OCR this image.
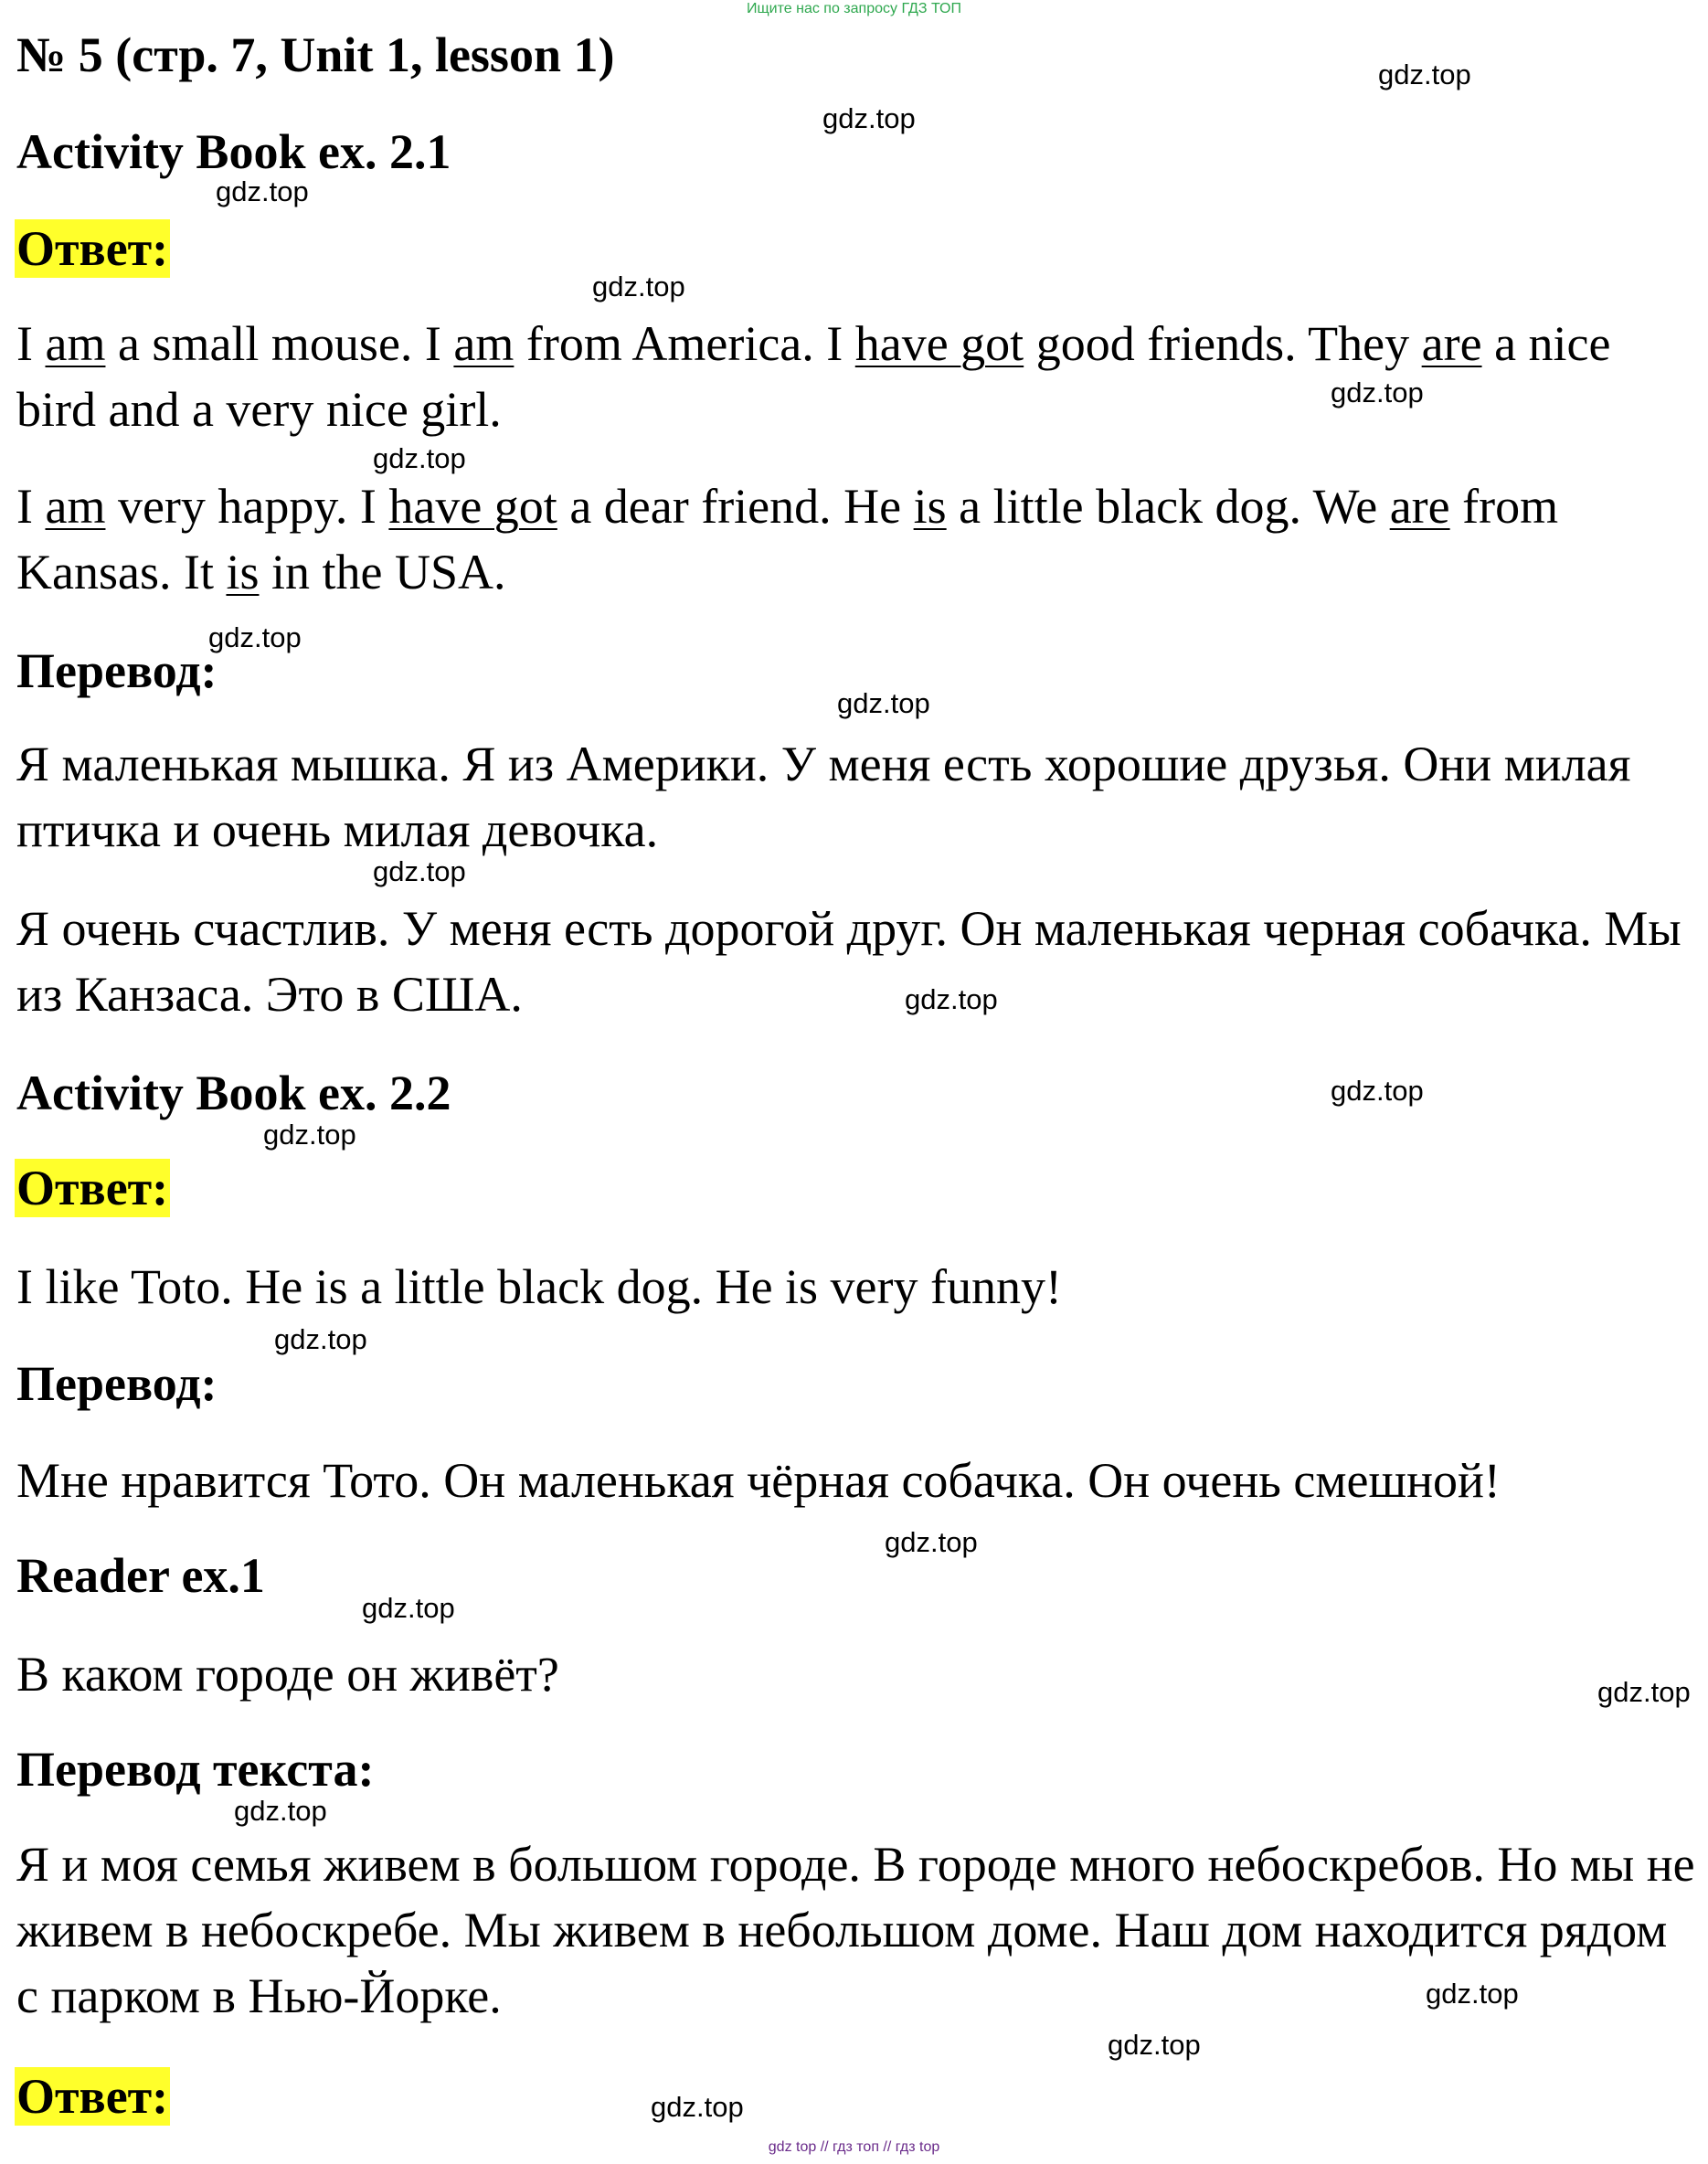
Ищите нас по запросу ГДЗ ТОП
№ 5 (стр. 7, Unit 1, lesson 1)
Activity Book ex. 2.1
Ответ:

I am a small mouse. I am from America. I have got good friends. They are a nice bird and a very nice girl.

I am very happy. I have got a dear friend. He is a little black dog. We are from Kansas. It is in the USA.

Перевод:

Я маленькая мышка. Я из Америки. У меня есть хорошие друзья. Они милая птичка и очень милая девочка.

Я очень счастлив. У меня есть дорогой друг. Он маленькая черная собачка. Мы из Канзаса. Это в США.

Activity Book ex. 2.2
Ответ:

I like Toto. He is a little black dog. He is very funny!

Перевод:

Мне нравится Тото. Он маленькая чёрная собачка. Он очень смешной!

Reader ex.1

В каком городе он живёт?

Перевод текста:

Я и моя семья живем в большом городе. В городе много небоскребов. Но мы не живем в небоскребе. Мы живем в небольшом доме. Наш дом находится рядом с парком в Нью-Йорке.

Ответ:
gdz.top
gdz.top
gdz.top
gdz.top
gdz.top
gdz.top
gdz.top
gdz.top
gdz.top
gdz.top
gdz.top
gdz.top
gdz.top
gdz.top
gdz.top
gdz.top
gdz.top
gdz.top
gdz.top
gdz.top
gdz top // гдз топ // гдз top
